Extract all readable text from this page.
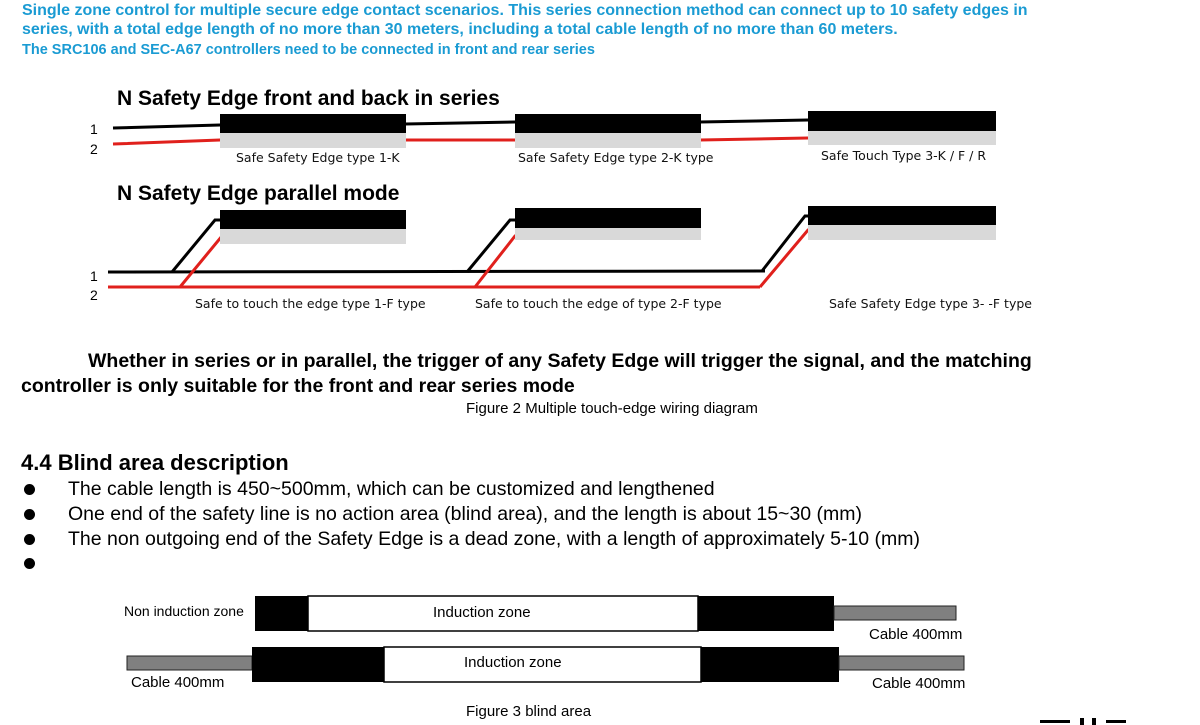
Single zone control for multiple secure edge contact scenarios. This series connection method can connect up to 10 safety edges in
series, with a total edge length of no more than 30 meters, including a total cable length of no more than 60 meters.
The SRC106 and SEC-A67 controllers need to be connected in front and rear series
N Safety Edge front and back in series
1
2
Safe Safety Edge type 1-K	Safe Safety Edge type 2-K type	Safe Touch Type 3-K / F / R
N Safety Edge parallel mode
1
2
Safe to touch the edge type 1-F type	Safe to touch the edge of type 2-F type	Safe Safety Edge type 3- -F type
Whether in series or in parallel, the trigger of any Safety Edge will trigger the signal, and the matching
controller is only suitable for the front and rear series mode
Figure 2 Multiple touch-edge wiring diagram
4.4 Blind area description
The cable length is 450~500mm, which can be customized and lengthened
One end of the safety line is no action area (blind area), and the length is about 15~30 (mm)
The non outgoing end of the Safety Edge is a dead zone, with a length of approximately 5-10 (mm)
Non induction zone	Induction zone	Non induction zone
Cable 400mm
Cable 400mm
Non induction zone	Induction zone	Non induction zone
Cable 400mm
Figure 3 blind area
